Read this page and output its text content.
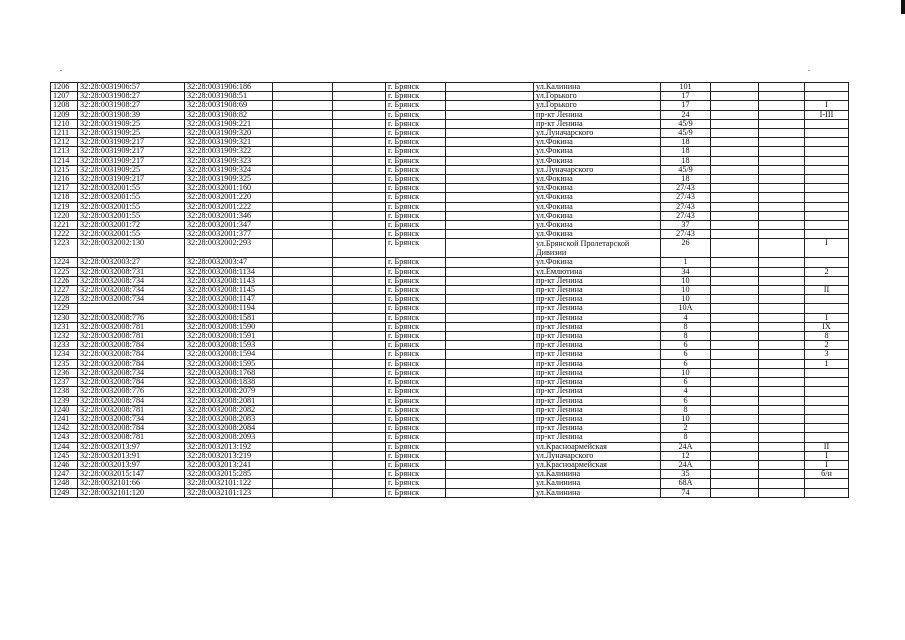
1206	32:28:0031906:57	32:28:0031906:186			г. Брянск		ул.Калинина	101			
1207	32:28:0031908:27	32:28:0031908:51			г. Брянск		ул.Горького	17			
1208	32:28:0031908:27	32:28:0031908:69			г. Брянск		ул.Горького	17			I
1209	32:28:0031908:39	32:28:0031908:82			г. Брянск		пр-кт Ленина	24			I-III
1210	32:28:0031909:25	32:28:0031909:221			г. Брянск		пр-кт Ленина	45/9			
1211	32:28:0031909:25	32:28:0031909:320			г. Брянск		ул.Луначарского	45/9			
1212	32:28:0031909:217	32:28:0031909:321			г. Брянск		ул.Фокина	18			
1213	32:28:0031909:217	32:28:0031909:322			г. Брянск		ул.Фокина	18			
1214	32:28:0031909:217	32:28:0031909:323			г. Брянск		ул.Фокина	18			
1215	32:28:0031909:25	32:28:0031909:324			г. Брянск		ул.Луначарского	45/9			
1216	32:28:0031909:217	32:28:0031909:325			г. Брянск		ул.Фокина	18			
1217	32:28:0032001:55	32:28:0032001:160			г. Брянск		ул.Фокина	27/43			
1218	32:28:0032001:55	32:28:0032001:220			г. Брянск		ул.Фокина	27/43			
1219	32:28:0032001:55	32:28:0032001:222			г. Брянск		ул.Фокина	27/43			
1220	32:28:0032001:55	32:28:0032001:346			г. Брянск		ул.Фокина	27/43			
1221	32:28:0032001:72	32:28:0032001:347			г. Брянск		ул.Фокина	37			
1222	32:28:0032001:55	32:28:0032001:377			г. Брянск		ул.Фокина	27/43			
1223	32:28:0032002:130	32:28:0032002:293			г. Брянск		ул.Брянской Пролетарской Дивизии	26			I
1224	32:28:0032003:27	32:28:0032003:47			г. Брянск		ул.Фокина	1			
1225	32:28:0032008:731	32:28:0032008:1134			г. Брянск		ул.Емлютина	34			2
1226	32:28:0032008:734	32:28:0032008:1143			г. Брянск		пр-кт Ленина	10			
1227	32:28:0032008:734	32:28:0032008:1145			г. Брянск		пр-кт Ленина	10			II
1228	32:28:0032008:734	32:28:0032008:1147			г. Брянск		пр-кт Ленина	10			
1229		32:28:0032008:1194			г. Брянск		пр-кт Ленина	10А			
1230	32:28:0032008:776	32:28:0032008:1581			г. Брянск		пр-кт Ленина	4			I
1231	32:28:0032008:781	32:28:0032008:1590			г. Брянск		пр-кт Ленина	8			IX
1232	32:28:0032008:781	32:28:0032008:1591			г. Брянск		пр-кт Ленина	8			8
1233	32:28:0032008:784	32:28:0032008:1593			г. Брянск		пр-кт Ленина	6			2
1234	32:28:0032008:784	32:28:0032008:1594			г. Брянск		пр-кт Ленина	6			3
1235	32:28:0032008:784	32:28:0032008:1595			г. Брянск		пр-кт Ленина	6			1
1236	32:28:0032008:734	32:28:0032008:1768			г. Брянск		пр-кт Ленина	10			
1237	32:28:0032008:784	32:28:0032008:1838			г. Брянск		пр-кт Ленина	6			
1238	32:28:0032008:776	32:28:0032008:2079			г. Брянск		пр-кт Ленина	4			
1239	32:28:0032008:784	32:28:0032008:2081			г. Брянск		пр-кт Ленина	6			
1240	32:28:0032008:781	32:28:0032008:2082			г. Брянск		пр-кт Ленина	8			
1241	32:28:0032008:734	32:28:0032008:2083			г. Брянск		пр-кт Ленина	10			
1242	32:28:0032008:784	32:28:0032008:2084			г. Брянск		пр-кт Ленина	2			
1243	32:28:0032008:781	32:28:0032008:2093			г. Брянск		пр-кт Ленина	8			
1244	32:28:0032013:97	32:28:0032013:192			г. Брянск		ул.Красноармейская	24А			II
1245	32:28:0032013:91	32:28:0032013:219			г. Брянск		ул.Луначарского	12			I
1246	32:28:0032013:97	32:28:0032013:241			г. Брянск		ул.Красноармейская	24А			I
1247	32:28:0032015:147	32:28:0032015:285			г. Брянск		ул.Калинина	35			б/н
1248	32:28:0032101:66	32:28:0032101:122			г. Брянск		ул.Калинина	68А			
1249	32:28:0032101:120	32:28:0032101:123			г. Брянск		ул.Калинина	74			
